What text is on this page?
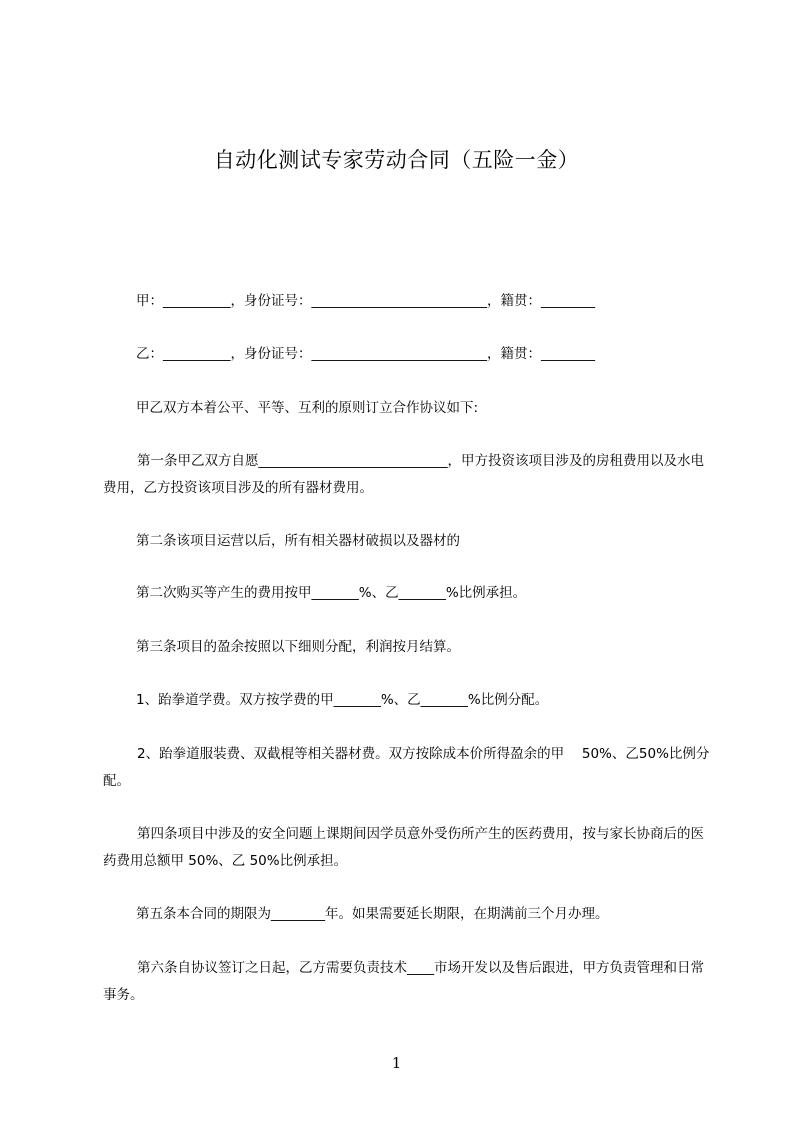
自动化测试专家劳动合同（五险一金）
甲：__________，身份证号：__________________________，籍贯：________
乙：__________，身份证号：__________________________，籍贯：________
甲乙双方本着公平、平等、互利的原则订立合作协议如下:
第一条甲乙双方自愿____________________________，甲方投资该项目涉及的房租费用以及水电费用，乙方投资该项目涉及的所有器材费用。
第二条该项目运营以后，所有相关器材破损以及器材的
第二次购买等产生的费用按甲_______%、乙_______%比例承担。
第三条项目的盈余按照以下细则分配，利润按月结算。
1、跆拳道学费。双方按学费的甲_______%、乙_______%比例分配。
2、跆拳道服装费、双截棍等相关器材费。双方按除成本价所得盈余的甲　 50%、乙50%比例分配。
第四条项目中涉及的安全问题上课期间因学员意外受伤所产生的医药费用，按与家长协商后的医药费用总额甲 50%、乙 50%比例承担。
第五条本合同的期限为________年。如果需要延长期限，在期满前三个月办理。
第六条自协议签订之日起，乙方需要负责技术____市场开发以及售后跟进，甲方负责管理和日常事务。
1
